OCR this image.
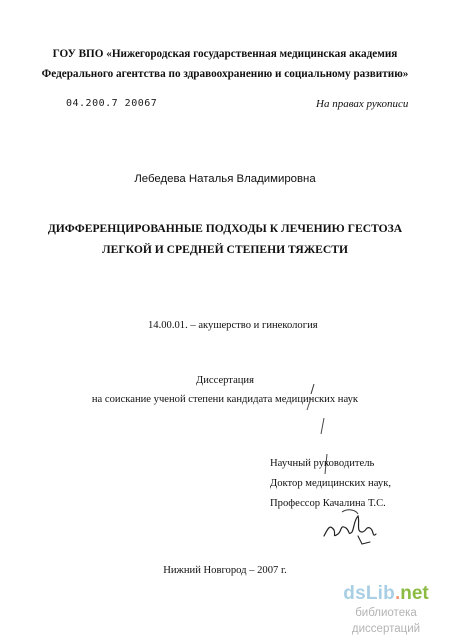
ГОУ ВПО «Нижегородская государственная медицинская академия
Федерального агентства по здравоохранению и социальному развитию»
04.200.7 20067	На правах рукописи
Лебедева Наталья Владимировна
ДИФФЕРЕНЦИРОВАННЫЕ ПОДХОДЫ К ЛЕЧЕНИЮ ГЕСТОЗА
ЛЕГКОЙ И СРЕДНЕЙ СТЕПЕНИ ТЯЖЕСТИ
14.00.01. – акушерство и гинекология
Диссертация
на соискание ученой степени кандидата медицинских наук
Научный руководитель
Доктор медицинских наук,
Профессор Качалина Т.С.
Нижний Новгород – 2007 г.
dsLib.net
библиотека диссертаций
